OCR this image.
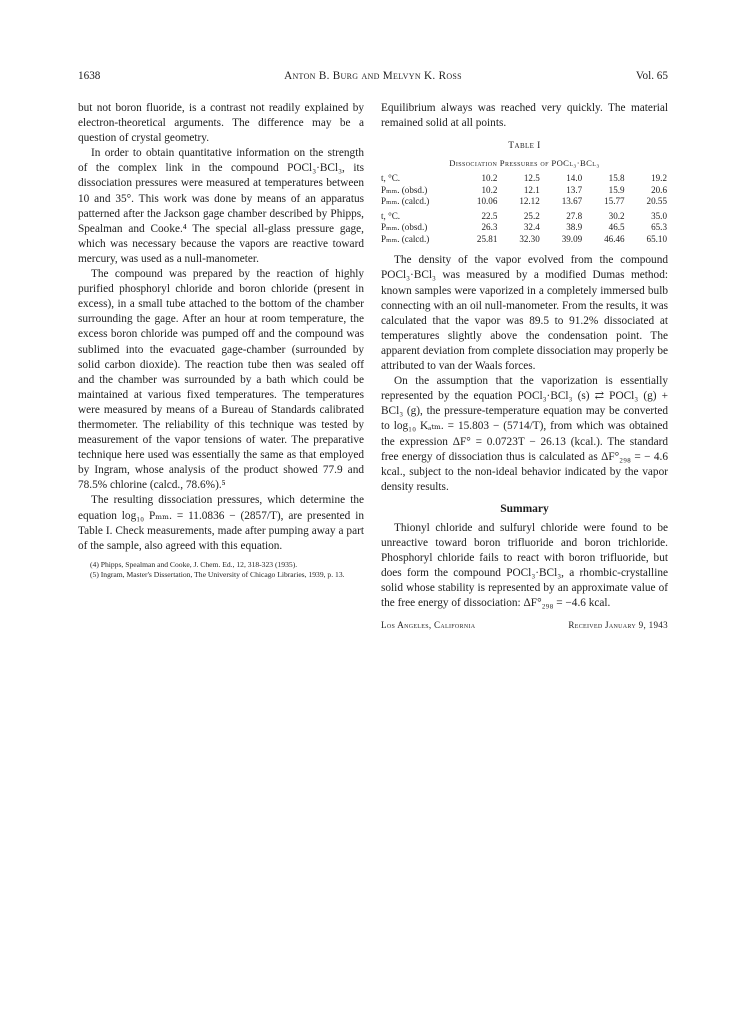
1638	Anton B. Burg and Melvyn K. Ross	Vol. 65

but not boron fluoride, is a contrast not readily explained by electron-theoretical arguments. The difference may be a question of crystal geometry.

In order to obtain quantitative information on the strength of the complex link in the compound POCl₃·BCl₃, its dissociation pressures were measured at temperatures between 10 and 35°. This work was done by means of an apparatus patterned after the Jackson gage chamber described by Phipps, Spealman and Cooke.⁴ The special all-glass pressure gage, which was necessary because the vapors are reactive toward mercury, was used as a null-manometer.

The compound was prepared by the reaction of highly purified phosphoryl chloride and boron chloride (present in excess), in a small tube attached to the bottom of the chamber surrounding the gage. After an hour at room temperature, the excess boron chloride was pumped off and the compound was sublimed into the evacuated gage-chamber (surrounded by solid carbon dioxide). The reaction tube then was sealed off and the chamber was surrounded by a bath which could be maintained at various fixed temperatures. The temperatures were measured by means of a Bureau of Standards calibrated thermometer. The reliability of this technique was tested by measurement of the vapor tensions of water. The preparative technique here used was essentially the same as that employed by Ingram, whose analysis of the product showed 77.9 and 78.5% chlorine (calcd., 78.6%).⁵

The resulting dissociation pressures, which determine the equation log₁₀ Pₘₘ. = 11.0836 − (2857/T), are presented in Table I. Check measurements, made after pumping away a part of the sample, also agreed with this equation.

(4) Phipps, Spealman and Cooke, J. Chem. Ed., 12, 318-323 (1935).

(5) Ingram, Master's Dissertation, The University of Chicago Libraries, 1939, p. 13.

Equilibrium always was reached very quickly. The material remained solid at all points.

Table I
Dissociation Pressures of POCl₃·BCl₃
t, °C.	10.2	12.5	14.0	15.8	19.2
Pₘₘ. (obsd.)	10.2	12.1	13.7	15.9	20.6
Pₘₘ. (calcd.)	10.06	12.12	13.67	15.77	20.55
t, °C.	22.5	25.2	27.8	30.2	35.0
Pₘₘ. (obsd.)	26.3	32.4	38.9	46.5	65.3
Pₘₘ. (calcd.)	25.81	32.30	39.09	46.46	65.10

The density of the vapor evolved from the compound POCl₃·BCl₃ was measured by a modified Dumas method: known samples were vaporized in a completely immersed bulb connecting with an oil null-manometer. From the results, it was calculated that the vapor was 89.5 to 91.2% dissociated at temperatures slightly above the condensation point. The apparent deviation from complete dissociation may properly be attributed to van der Waals forces.

On the assumption that the vaporization is essentially represented by the equation POCl₃·BCl₃ (s) ⇄ POCl₃ (g) + BCl₃ (g), the pressure-temperature equation may be converted to log₁₀ Kₐₜₘ. = 15.803 − (5714/T), from which was obtained the expression ΔF° = 0.0723T − 26.13 (kcal.). The standard free energy of dissociation thus is calculated as ΔF°₂₉₈ = − 4.6 kcal., subject to the non-ideal behavior indicated by the vapor density results.

Summary

Thionyl chloride and sulfuryl chloride were found to be unreactive toward boron trifluoride and boron trichloride. Phosphoryl chloride fails to react with boron trifluoride, but does form the compound POCl₃·BCl₃, a rhombic-crystalline solid whose stability is represented by an approximate value of the free energy of dissociation: ΔF°₂₉₈ = −4.6 kcal.

Los Angeles, California	Received January 9, 1943
